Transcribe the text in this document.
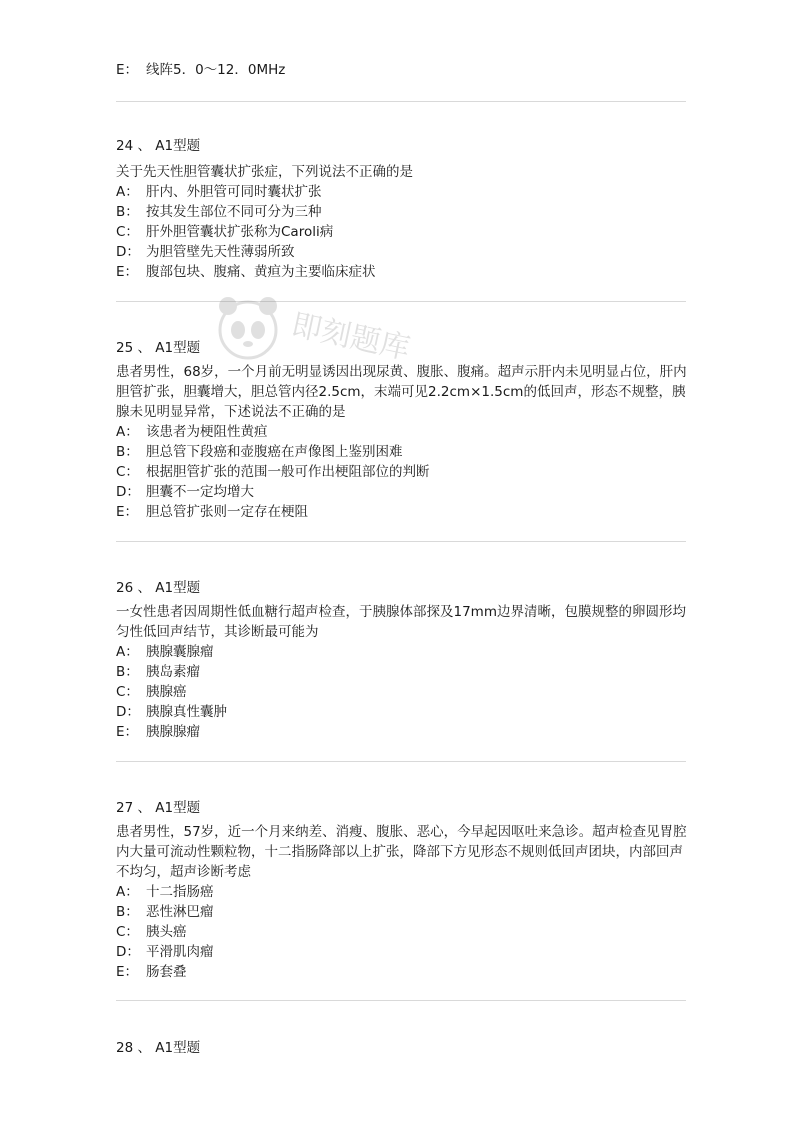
E： 线阵5．0～12．0MHz
24 、 A1型题
关于先天性胆管囊状扩张症，下列说法不正确的是
A： 肝内、外胆管可同时囊状扩张
B： 按其发生部位不同可分为三种
C： 肝外胆管囊状扩张称为Caroli病
D： 为胆管壁先天性薄弱所致
E： 腹部包块、腹痛、黄疸为主要临床症状
25 、 A1型题
患者男性，68岁，一个月前无明显诱因出现尿黄、腹胀、腹痛。超声示肝内未见明显占位，肝内胆管扩张，胆囊增大，胆总管内径2.5cm，末端可见2.2cm×1.5cm的低回声，形态不规整，胰腺未见明显异常，下述说法不正确的是
A： 该患者为梗阻性黄疸
B： 胆总管下段癌和壶腹癌在声像图上鉴别困难
C： 根据胆管扩张的范围一般可作出梗阻部位的判断
D： 胆囊不一定均增大
E： 胆总管扩张则一定存在梗阻
26 、 A1型题
一女性患者因周期性低血糖行超声检查，于胰腺体部探及17mm边界清晰，包膜规整的卵圆形均匀性低回声结节，其诊断最可能为
A： 胰腺囊腺瘤
B： 胰岛素瘤
C： 胰腺癌
D： 胰腺真性囊肿
E： 胰腺腺瘤
27 、 A1型题
患者男性，57岁，近一个月来纳差、消瘦、腹胀、恶心，今早起因呕吐来急诊。超声检查见胃腔内大量可流动性颗粒物，十二指肠降部以上扩张，降部下方见形态不规则低回声团块，内部回声不均匀，超声诊断考虑
A： 十二指肠癌
B： 恶性淋巴瘤
C： 胰头癌
D： 平滑肌肉瘤
E： 肠套叠
28 、 A1型题
即刻题库
